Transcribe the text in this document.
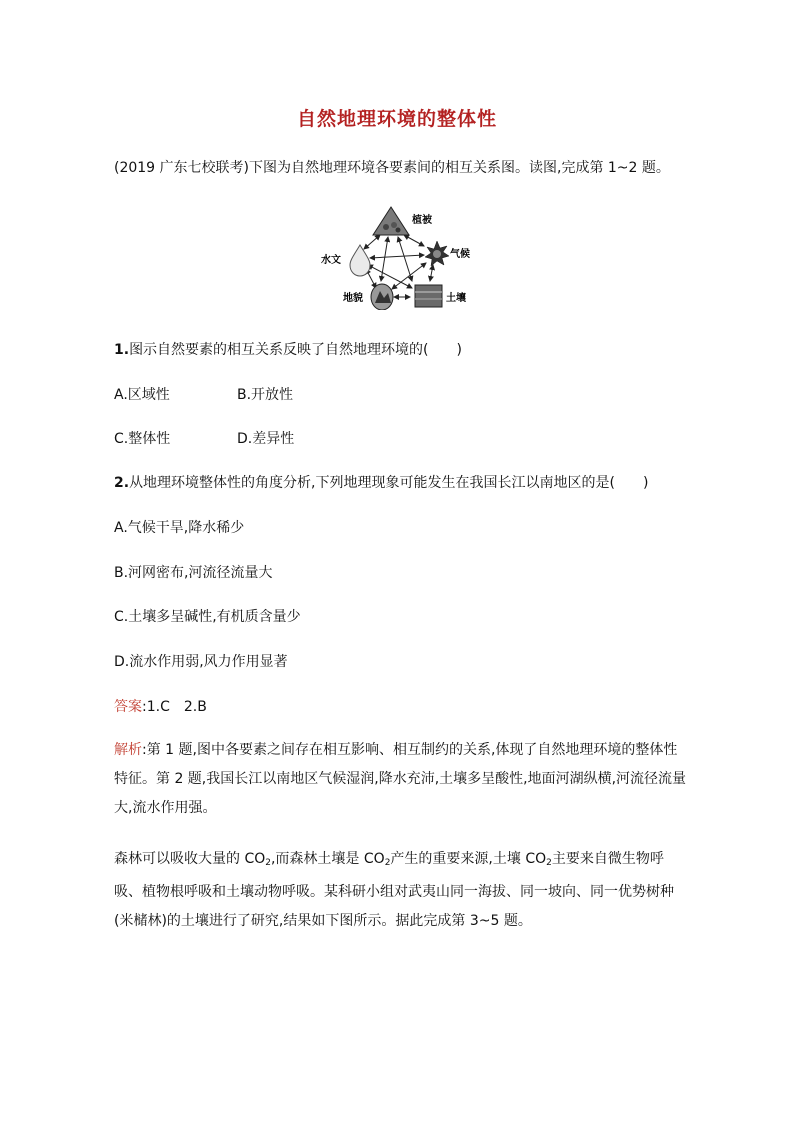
自然地理环境的整体性
(2019 广东七校联考)下图为自然地理环境各要素间的相互关系图。读图,完成第 1~2 题。
植被
气候
水文
地貌	土壤
1.图示自然要素的相互关系反映了自然地理环境的(　　)
A.区域性	B.开放性
C.整体性	D.差异性
2.从地理环境整体性的角度分析,下列地理现象可能发生在我国长江以南地区的是(　　)
A.气候干旱,降水稀少
B.河网密布,河流径流量大
C.土壤多呈碱性,有机质含量少
D.流水作用弱,风力作用显著
答案:1.C　2.B
解析:第 1 题,图中各要素之间存在相互影响、相互制约的关系,体现了自然地理环境的整体性特征。第 2 题,我国长江以南地区气候湿润,降水充沛,土壤多呈酸性,地面河湖纵横,河流径流量大,流水作用强。
森林可以吸收大量的 $CO_2$,而森林土壤是 $CO_2$产生的重要来源,土壤 $CO_2$主要来自微生物呼吸、植物根呼吸和土壤动物呼吸。某科研小组对武夷山同一海拔、同一坡向、同一优势树种(米槠林)的土壤进行了研究,结果如下图所示。据此完成第 3~5 题。
